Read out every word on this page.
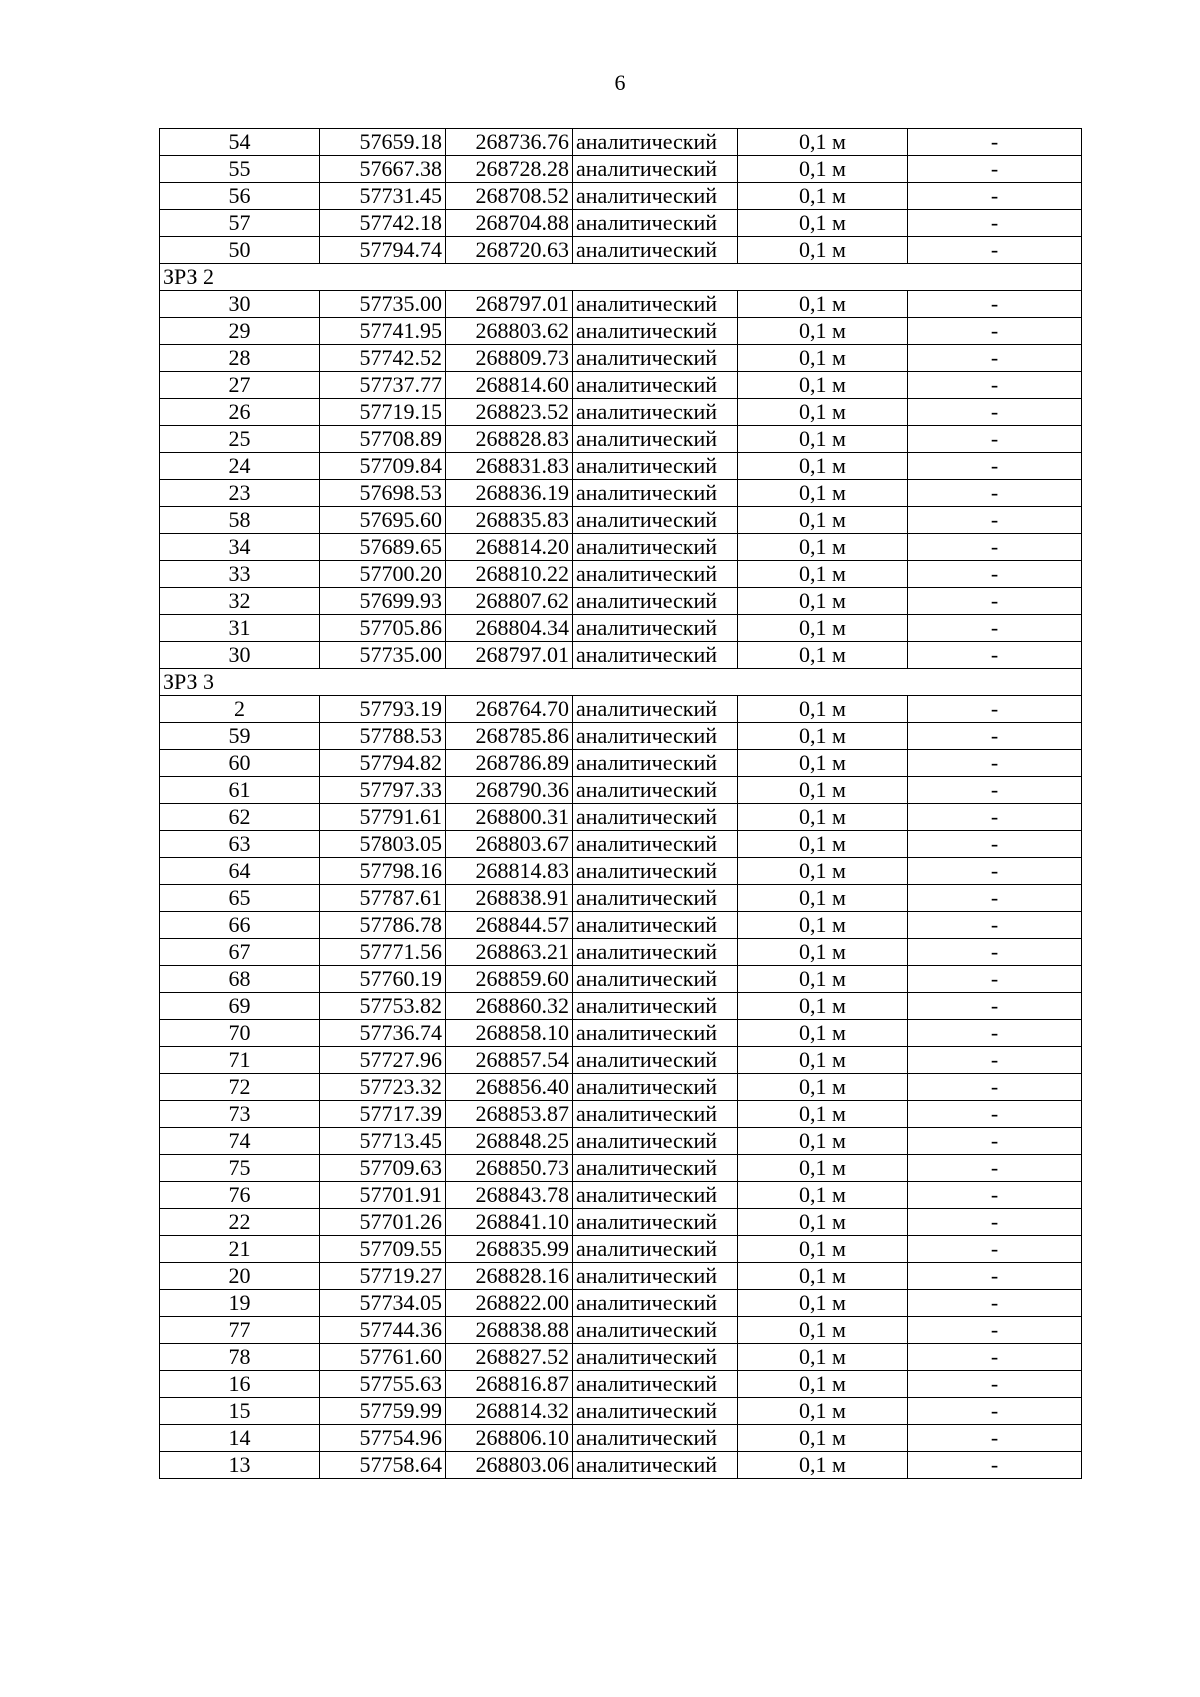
6
54	57659.18	268736.76	аналитический	0,1 м	-
55	57667.38	268728.28	аналитический	0,1 м	-
56	57731.45	268708.52	аналитический	0,1 м	-
57	57742.18	268704.88	аналитический	0,1 м	-
50	57794.74	268720.63	аналитический	0,1 м	-
ЗРЗ 2					
30	57735.00	268797.01	аналитический	0,1 м	-
29	57741.95	268803.62	аналитический	0,1 м	-
28	57742.52	268809.73	аналитический	0,1 м	-
27	57737.77	268814.60	аналитический	0,1 м	-
26	57719.15	268823.52	аналитический	0,1 м	-
25	57708.89	268828.83	аналитический	0,1 м	-
24	57709.84	268831.83	аналитический	0,1 м	-
23	57698.53	268836.19	аналитический	0,1 м	-
58	57695.60	268835.83	аналитический	0,1 м	-
34	57689.65	268814.20	аналитический	0,1 м	-
33	57700.20	268810.22	аналитический	0,1 м	-
32	57699.93	268807.62	аналитический	0,1 м	-
31	57705.86	268804.34	аналитический	0,1 м	-
30	57735.00	268797.01	аналитический	0,1 м	-
ЗРЗ 3					
2	57793.19	268764.70	аналитический	0,1 м	-
59	57788.53	268785.86	аналитический	0,1 м	-
60	57794.82	268786.89	аналитический	0,1 м	-
61	57797.33	268790.36	аналитический	0,1 м	-
62	57791.61	268800.31	аналитический	0,1 м	-
63	57803.05	268803.67	аналитический	0,1 м	-
64	57798.16	268814.83	аналитический	0,1 м	-
65	57787.61	268838.91	аналитический	0,1 м	-
66	57786.78	268844.57	аналитический	0,1 м	-
67	57771.56	268863.21	аналитический	0,1 м	-
68	57760.19	268859.60	аналитический	0,1 м	-
69	57753.82	268860.32	аналитический	0,1 м	-
70	57736.74	268858.10	аналитический	0,1 м	-
71	57727.96	268857.54	аналитический	0,1 м	-
72	57723.32	268856.40	аналитический	0,1 м	-
73	57717.39	268853.87	аналитический	0,1 м	-
74	57713.45	268848.25	аналитический	0,1 м	-
75	57709.63	268850.73	аналитический	0,1 м	-
76	57701.91	268843.78	аналитический	0,1 м	-
22	57701.26	268841.10	аналитический	0,1 м	-
21	57709.55	268835.99	аналитический	0,1 м	-
20	57719.27	268828.16	аналитический	0,1 м	-
19	57734.05	268822.00	аналитический	0,1 м	-
77	57744.36	268838.88	аналитический	0,1 м	-
78	57761.60	268827.52	аналитический	0,1 м	-
16	57755.63	268816.87	аналитический	0,1 м	-
15	57759.99	268814.32	аналитический	0,1 м	-
14	57754.96	268806.10	аналитический	0,1 м	-
13	57758.64	268803.06	аналитический	0,1 м	-
